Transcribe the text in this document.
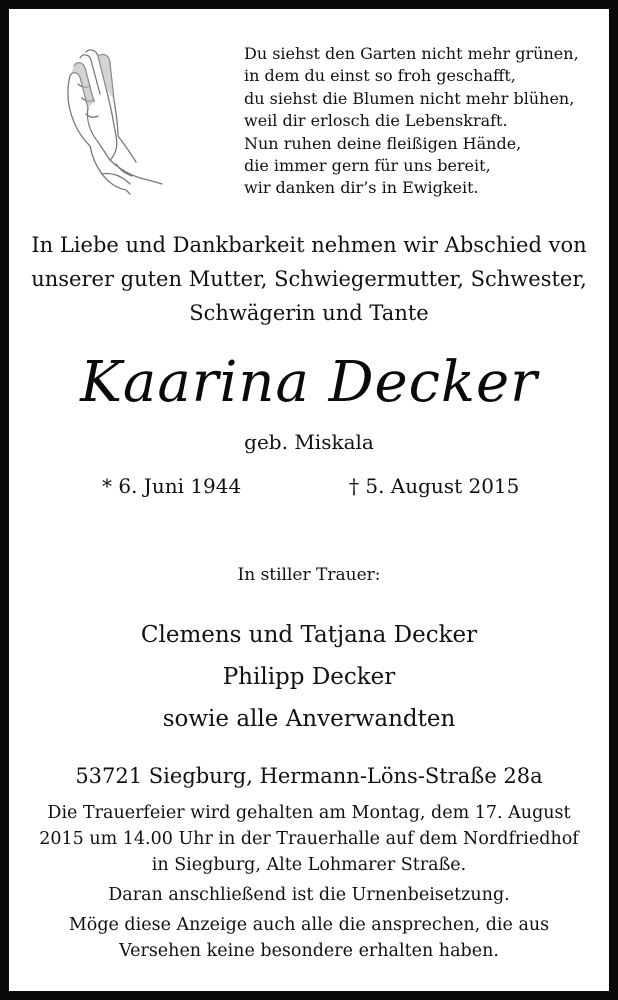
Du siehst den Garten nicht mehr grünen,
in dem du einst so froh geschafft,
du siehst die Blumen nicht mehr blühen,
weil dir erlosch die Lebenskraft.
Nun ruhen deine fleißigen Hände,
die immer gern für uns bereit,
wir danken dir’s in Ewigkeit.
In Liebe und Dankbarkeit nehmen wir Abschied von
unserer guten Mutter, Schwiegermutter, Schwester,
Schwägerin und Tante
Kaarina Decker
geb. Miskala
* 6. Juni 1944	† 5. August 2015
In stiller Trauer:
Clemens und Tatjana Decker
Philipp Decker
sowie alle Anverwandten
53721 Siegburg, Hermann-Löns-Straße 28a
Die Trauerfeier wird gehalten am Montag, dem 17. August
2015 um 14.00 Uhr in der Trauerhalle auf dem Nordfriedhof
in Siegburg, Alte Lohmarer Straße.
Daran anschließend ist die Urnenbeisetzung.
Möge diese Anzeige auch alle die ansprechen, die aus
Versehen keine besondere erhalten haben.
